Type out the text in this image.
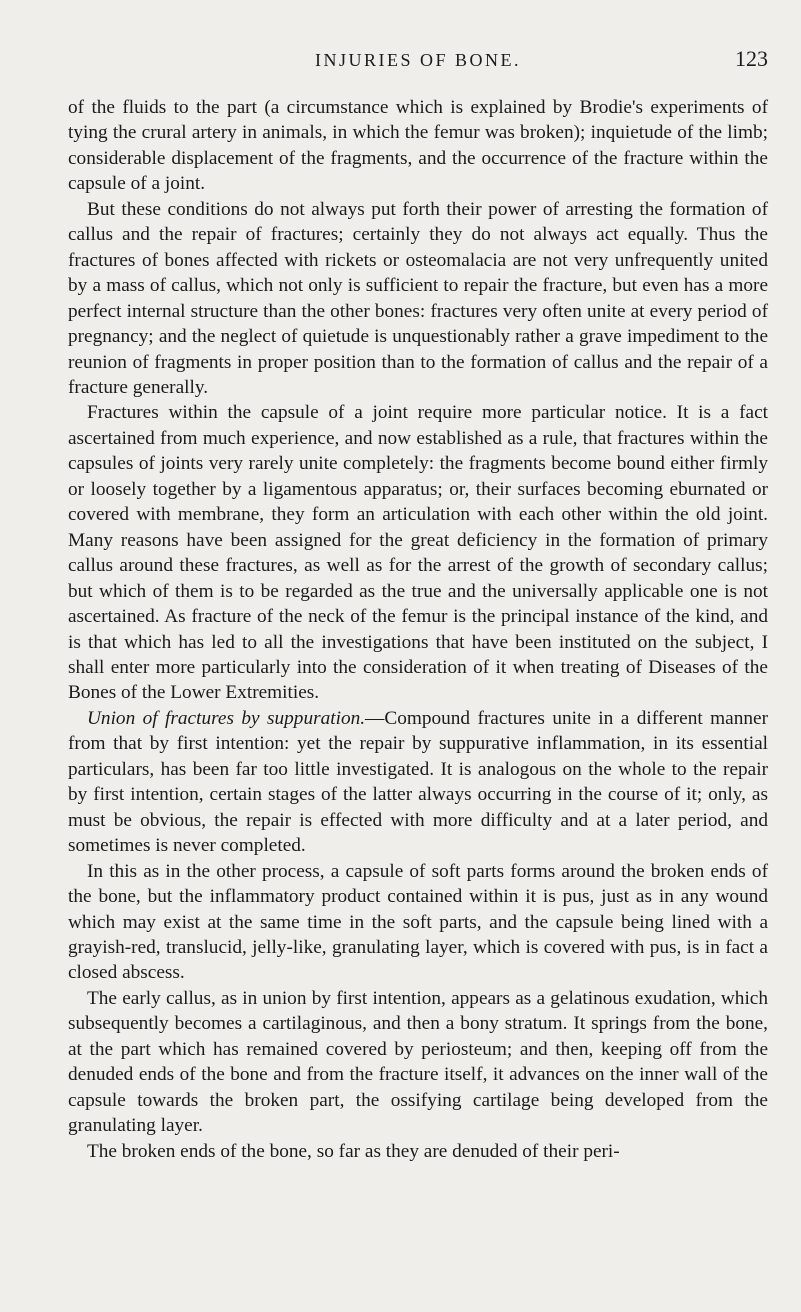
INJURIES OF BONE.	123

of the fluids to the part (a circumstance which is explained by Brodie's experiments of tying the crural artery in animals, in which the femur was broken); inquietude of the limb; considerable displacement of the fragments, and the occurrence of the fracture within the capsule of a joint.

But these conditions do not always put forth their power of arresting the formation of callus and the repair of fractures; certainly they do not always act equally. Thus the fractures of bones affected with rickets or osteomalacia are not very unfrequently united by a mass of callus, which not only is sufficient to repair the fracture, but even has a more perfect internal structure than the other bones: fractures very often unite at every period of pregnancy; and the neglect of quietude is unquestionably rather a grave impediment to the reunion of fragments in proper position than to the formation of callus and the repair of a fracture generally.

Fractures within the capsule of a joint require more particular notice. It is a fact ascertained from much experience, and now established as a rule, that fractures within the capsules of joints very rarely unite completely: the fragments become bound either firmly or loosely together by a ligamentous apparatus; or, their surfaces becoming eburnated or covered with membrane, they form an articulation with each other within the old joint. Many reasons have been assigned for the great deficiency in the formation of primary callus around these fractures, as well as for the arrest of the growth of secondary callus; but which of them is to be regarded as the true and the universally applicable one is not ascertained. As fracture of the neck of the femur is the principal instance of the kind, and is that which has led to all the investigations that have been instituted on the subject, I shall enter more particularly into the consideration of it when treating of Diseases of the Bones of the Lower Extremities.

Union of fractures by suppuration.—Compound fractures unite in a different manner from that by first intention: yet the repair by suppurative inflammation, in its essential particulars, has been far too little investigated. It is analogous on the whole to the repair by first intention, certain stages of the latter always occurring in the course of it; only, as must be obvious, the repair is effected with more difficulty and at a later period, and sometimes is never completed.

In this as in the other process, a capsule of soft parts forms around the broken ends of the bone, but the inflammatory product contained within it is pus, just as in any wound which may exist at the same time in the soft parts, and the capsule being lined with a grayish-red, translucid, jelly-like, granulating layer, which is covered with pus, is in fact a closed abscess.

The early callus, as in union by first intention, appears as a gelatinous exudation, which subsequently becomes a cartilaginous, and then a bony stratum. It springs from the bone, at the part which has remained covered by periosteum; and then, keeping off from the denuded ends of the bone and from the fracture itself, it advances on the inner wall of the capsule towards the broken part, the ossifying cartilage being developed from the granulating layer.

The broken ends of the bone, so far as they are denuded of their peri-
